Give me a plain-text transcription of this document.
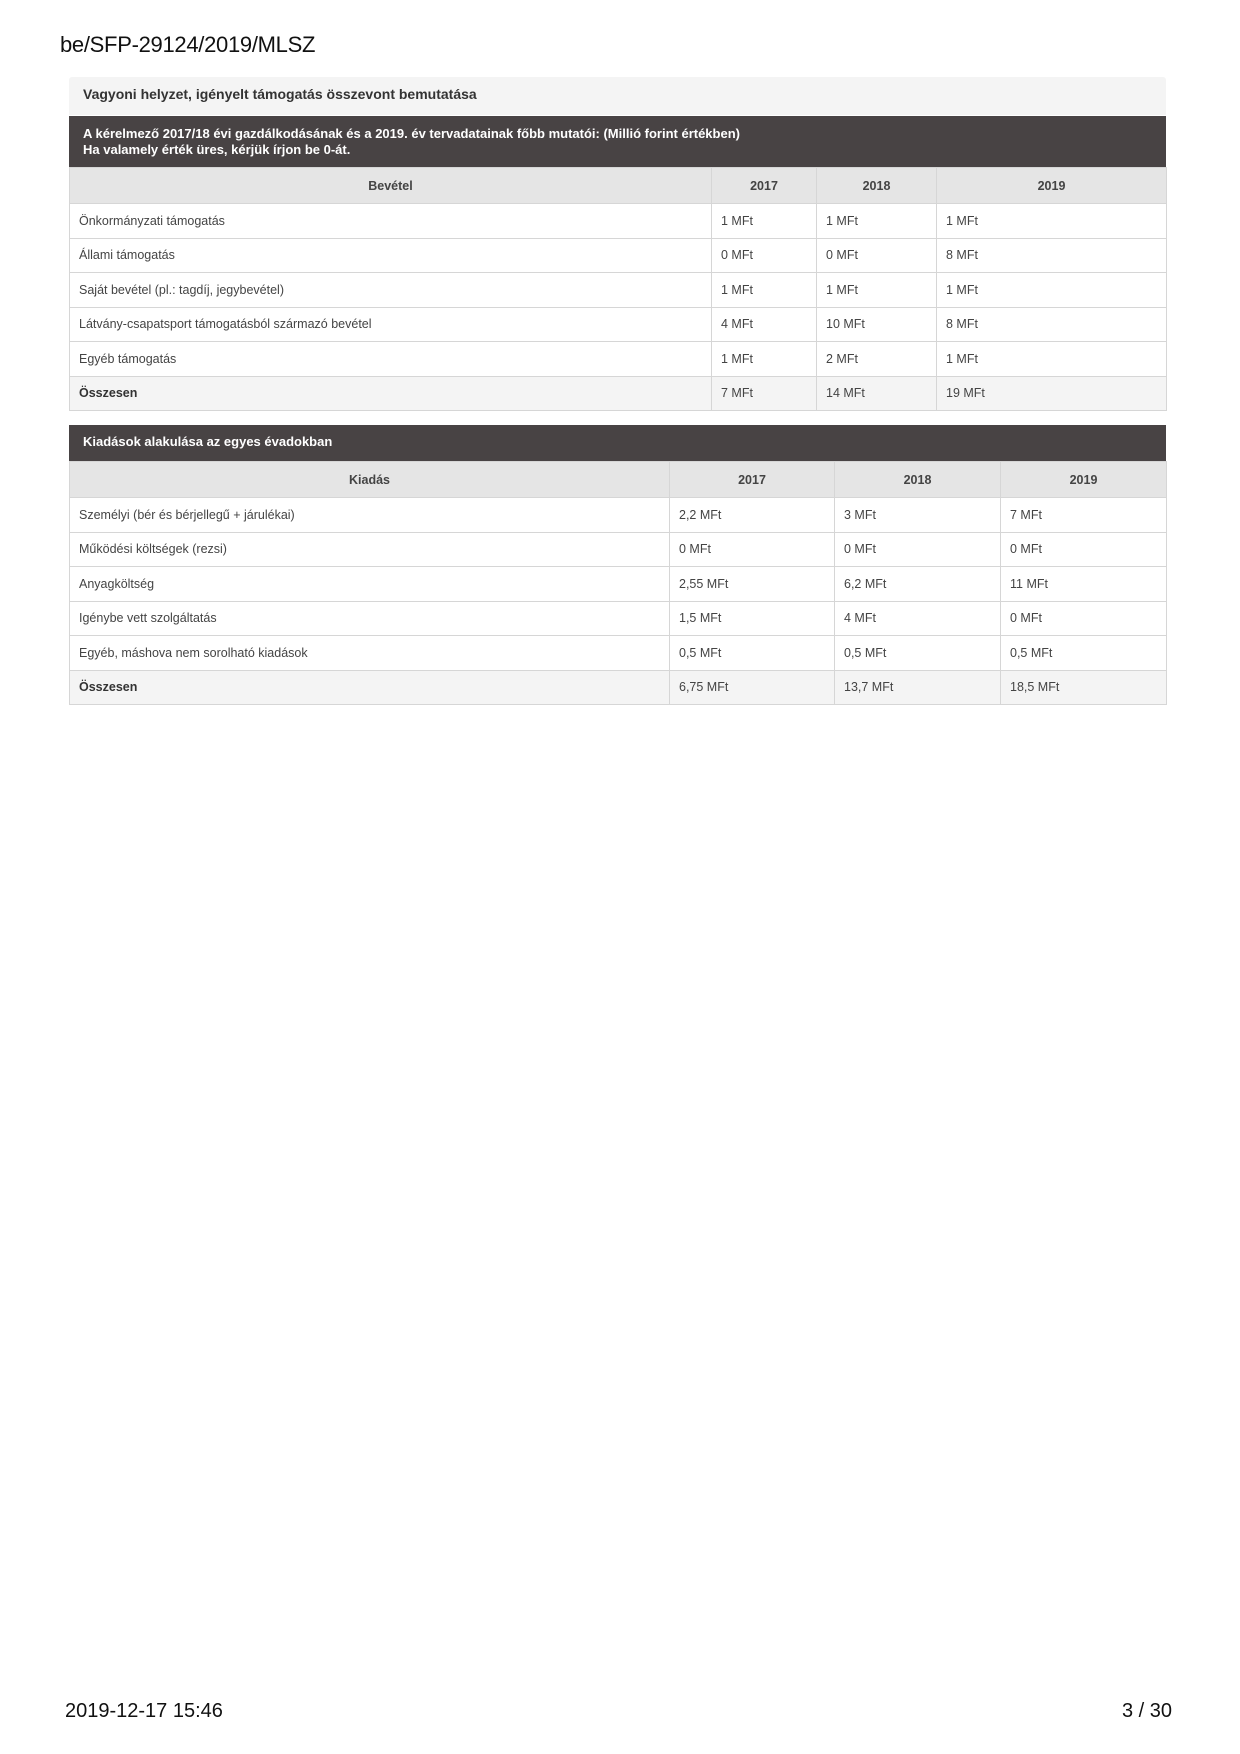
be/SFP-29124/2019/MLSZ
Vagyoni helyzet, igényelt támogatás összevont bemutatása
A kérelmező 2017/18 évi gazdálkodásának és a 2019. év tervadatainak főbb mutatói: (Millió forint értékben)
Ha valamely érték üres, kérjük írjon be 0-át.
Bevétel	2017	2018	2019
Önkormányzati támogatás	1 MFt	1 MFt	1 MFt
Állami támogatás	0 MFt	0 MFt	8 MFt
Saját bevétel (pl.: tagdíj, jegybevétel)	1 MFt	1 MFt	1 MFt
Látvány-csapatsport támogatásból származó bevétel	4 MFt	10 MFt	8 MFt
Egyéb támogatás	1 MFt	2 MFt	1 MFt
Összesen	7 MFt	14 MFt	19 MFt
Kiadások alakulása az egyes évadokban
Kiadás	2017	2018	2019
Személyi (bér és bérjellegű + járulékai)	2,2 MFt	3 MFt	7 MFt
Működési költségek (rezsi)	0 MFt	0 MFt	0 MFt
Anyagköltség	2,55 MFt	6,2 MFt	11 MFt
Igénybe vett szolgáltatás	1,5 MFt	4 MFt	0 MFt
Egyéb, máshova nem sorolható kiadások	0,5 MFt	0,5 MFt	0,5 MFt
Összesen	6,75 MFt	13,7 MFt	18,5 MFt
2019-12-17 15:46	3 / 30
